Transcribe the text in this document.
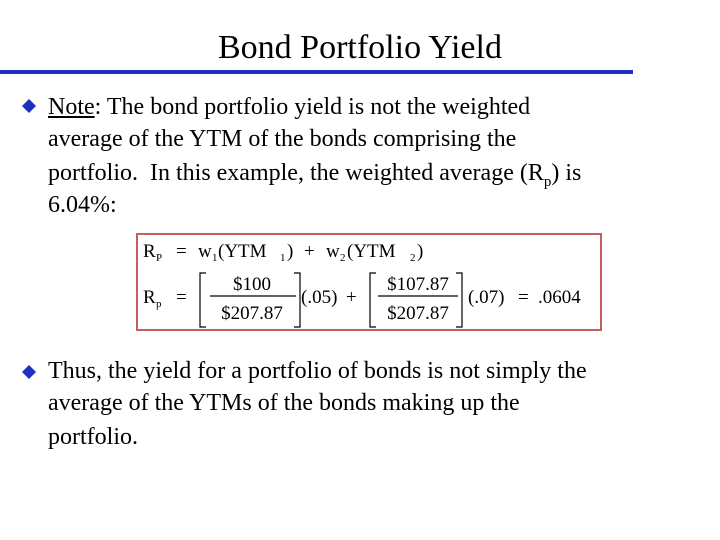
Bond Portfolio Yield
Note: The bond portfolio yield is not the weighted
average of the YTM of the bonds comprising the
portfolio.  In this example, the weighted average $(R_p)$ is
6.04%:
R P = w 1 (YTM 1 ) + w 2 (YTM 2 )
R p =
$100
$207.87
(.05) +
$107.87
$207.87
(.07) = .0604
Thus, the yield for a portfolio of bonds is not simply the
average of the YTMs of the bonds making up the
portfolio.
